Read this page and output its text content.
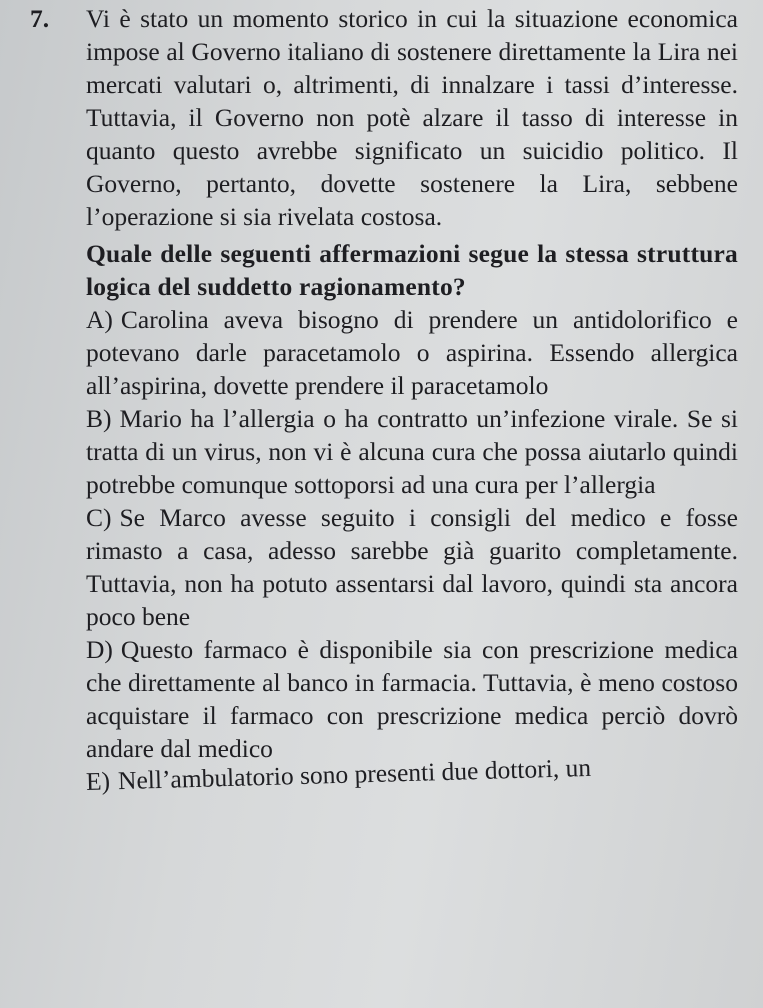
7. Vi è stato un momento storico in cui la situazione economica impose al Governo italiano di sostenere direttamente la Lira nei mercati valutari o, altrimenti, di innalzare i tassi d’interesse. Tuttavia, il Governo non potè alzare il tasso di interesse in quanto questo avrebbe significato un suicidio politico. Il Governo, pertanto, dovette sostenere la Lira, sebbene l’operazione si sia rivelata costosa.

Quale delle seguenti affermazioni segue la stessa struttura logica del suddetto ragionamento?

A) Carolina aveva bisogno di prendere un antidolorifico e potevano darle paracetamolo o aspirina. Essendo allergica all’aspirina, dovette prendere il paracetamolo

B) Mario ha l’allergia o ha contratto un’infezione virale. Se si tratta di un virus, non vi è alcuna cura che possa aiutarlo quindi potrebbe comunque sottoporsi ad una cura per l’allergia

C) Se Marco avesse seguito i consigli del medico e fosse rimasto a casa, adesso sarebbe già guarito completamente. Tuttavia, non ha potuto assentarsi dal lavoro, quindi sta ancora poco bene

D) Questo farmaco è disponibile sia con prescrizione medica che direttamente al banco in farmacia. Tuttavia, è meno costoso acquistare il farmaco con prescrizione medica perciò dovrò andare dal medico

E) Nell’ambulatorio sono presenti due dottori, un
